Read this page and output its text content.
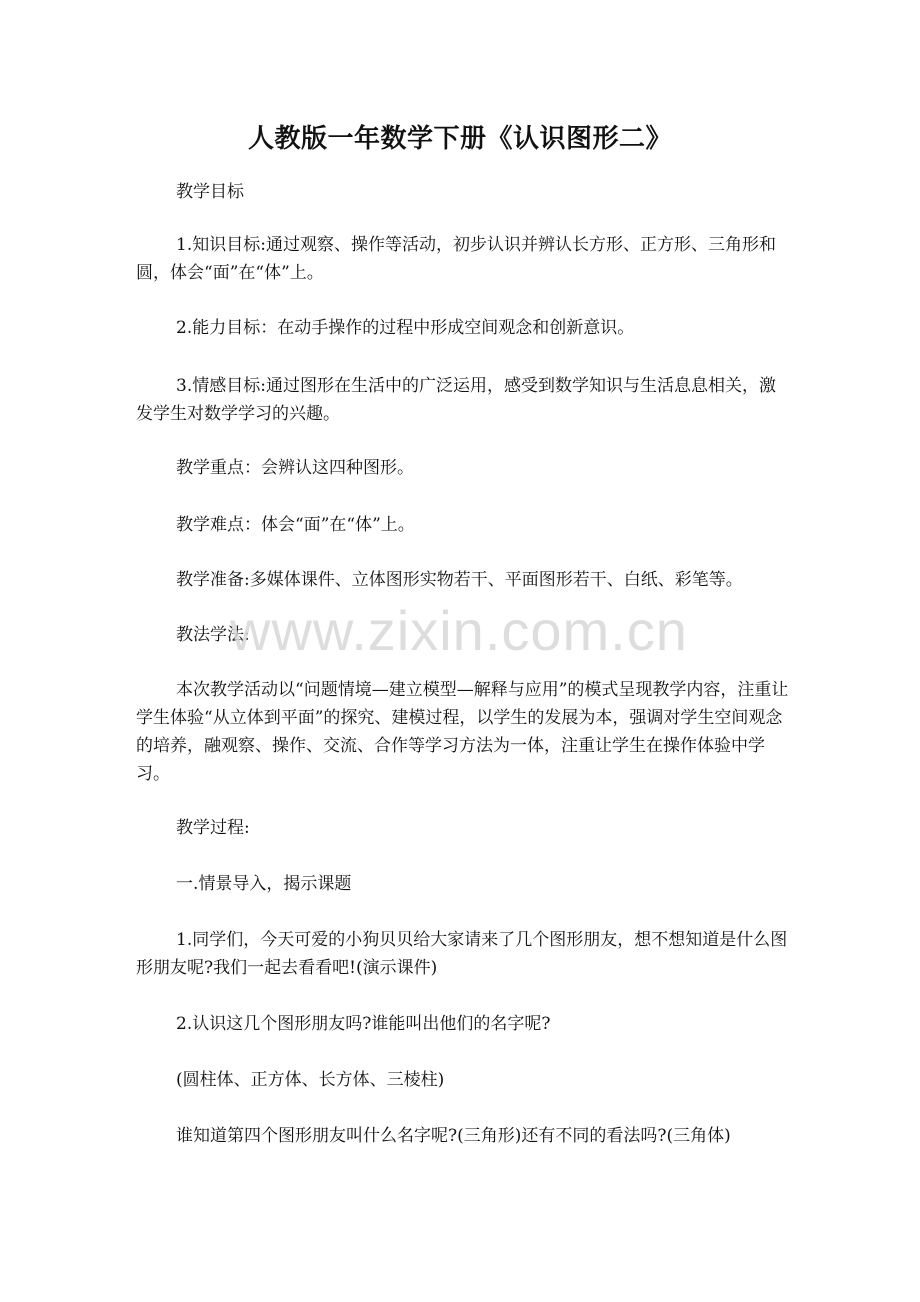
人教版一年数学下册《认识图形二》

教学目标

1.知识目标:通过观察、操作等活动，初步认识并辨认长方形、正方形、三角形和圆，体会“面”在“体”上。

2.能力目标：在动手操作的过程中形成空间观念和创新意识。

3.情感目标:通过图形在生活中的广泛运用，感受到数学知识与生活息息相关，激发学生对数学学习的兴趣。

教学重点：会辨认这四种图形。

教学难点：体会“面”在“体”上。

教学准备:多媒体课件、立体图形实物若干、平面图形若干、白纸、彩笔等。

教法学法:

本次教学活动以“问题情境—建立模型—解释与应用”的模式呈现教学内容，注重让学生体验“从立体到平面”的探究、建模过程，以学生的发展为本，强调对学生空间观念的培养，融观察、操作、交流、合作等学习方法为一体，注重让学生在操作体验中学习。

教学过程:

一.情景导入，揭示课题

1.同学们，今天可爱的小狗贝贝给大家请来了几个图形朋友，想不想知道是什么图形朋友呢?我们一起去看看吧!(演示课件)

2.认识这几个图形朋友吗?谁能叫出他们的名字呢?

(圆柱体、正方体、长方体、三棱柱)

谁知道第四个图形朋友叫什么名字呢?(三角形)还有不同的看法吗?(三角体)

www.zixin.com.cn
